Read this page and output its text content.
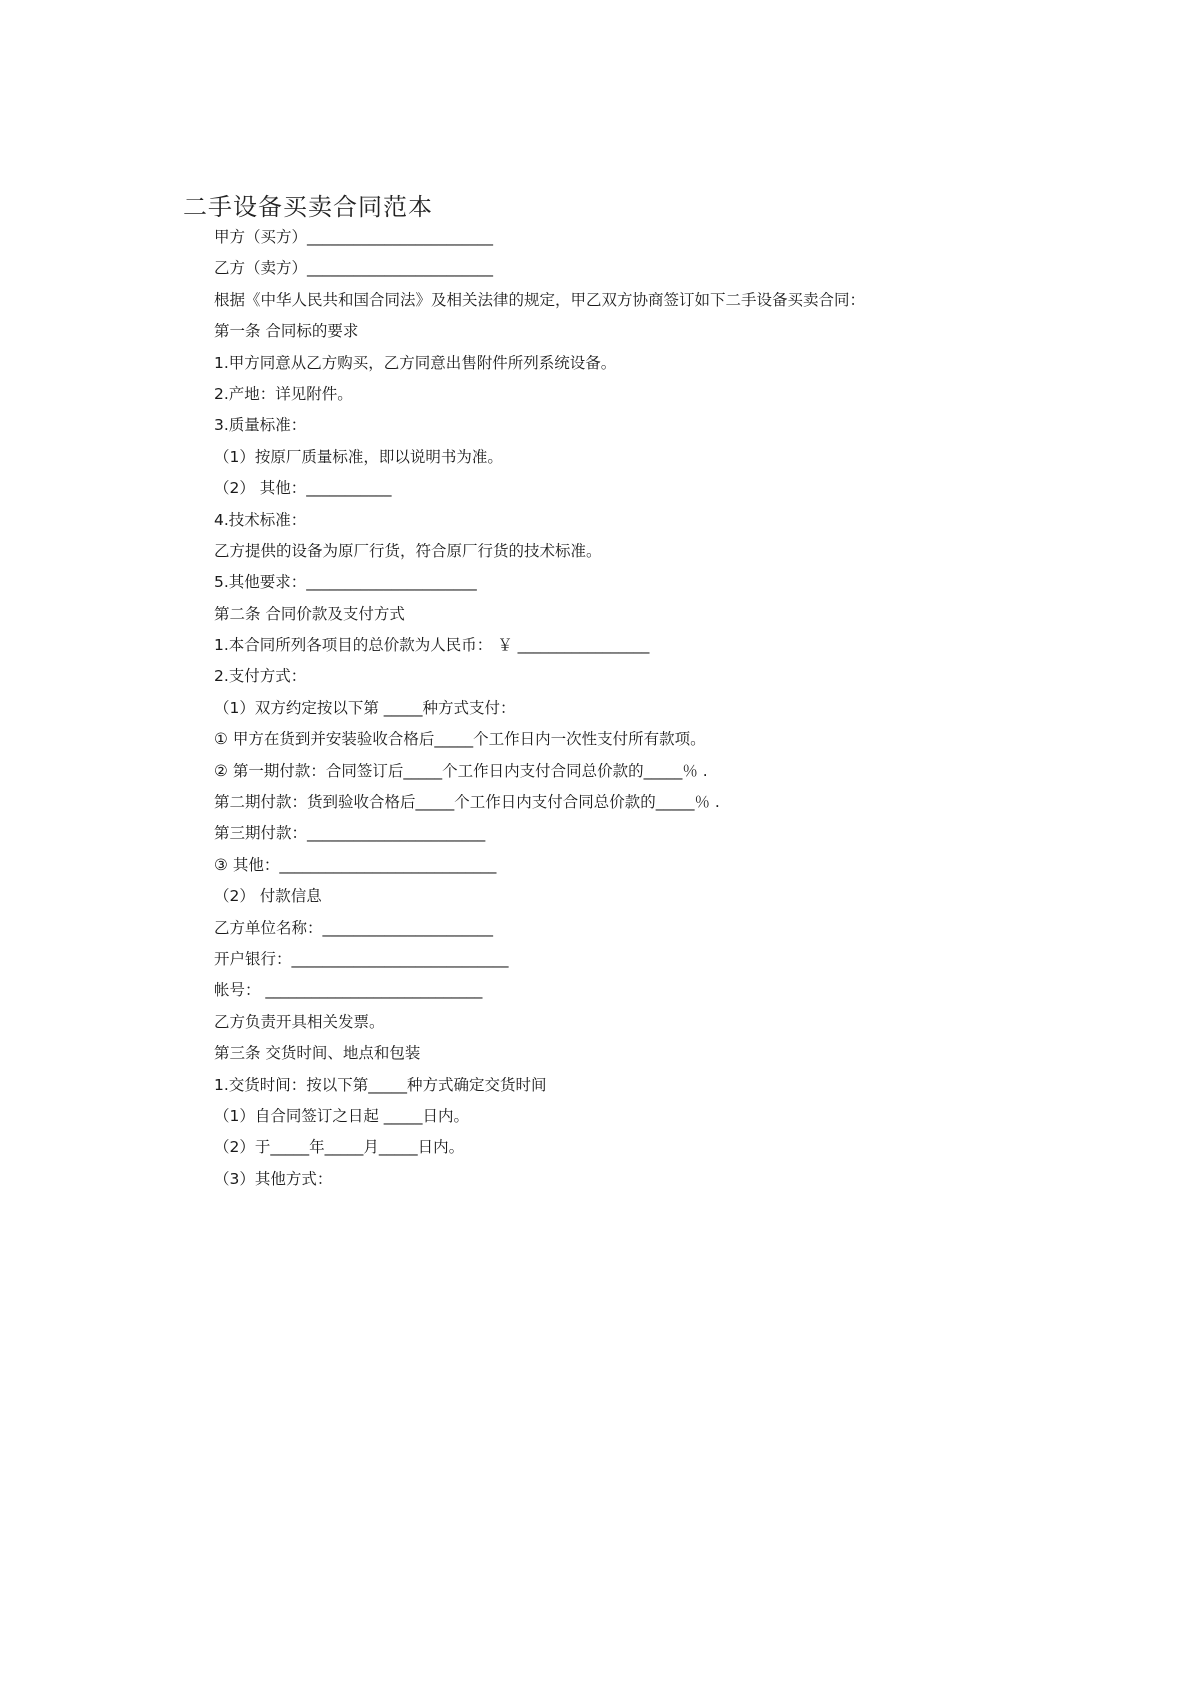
二手设备买卖合同范本
甲方（买方）________________________
乙方（卖方）________________________
根据《中华人民共和国合同法》及相关法律的规定，甲乙双方协商签订如下二手设备买卖合同：
第一条 合同标的要求
1.甲方同意从乙方购买，乙方同意出售附件所列系统设备。
2.产地：详见附件。
3.质量标准：
（1）按原厂质量标准，即以说明书为准。
（2） 其他：___________
4.技术标准：
乙方提供的设备为原厂行货，符合原厂行货的技术标准。
5.其他要求：______________________
第二条 合同价款及支付方式
1.本合同所列各项目的总价款为人民币： ￥ _________________
2.支付方式：
（1）双方约定按以下第 _____种方式支付：
① 甲方在货到并安装验收合格后_____个工作日内一次性支付所有款项。
② 第一期付款：合同签订后_____个工作日内支付合同总价款的_____％ .
第二期付款：货到验收合格后_____个工作日内支付合同总价款的_____％ .
第三期付款：_______________________
③ 其他：____________________________
（2） 付款信息
乙方单位名称：______________________
开户银行：____________________________
帐号： ____________________________
乙方负责开具相关发票。
第三条 交货时间、地点和包装
1.交货时间：按以下第_____种方式确定交货时间
（1）自合同签订之日起 _____日内。
（2）于_____年_____月_____日内。
（3）其他方式：
